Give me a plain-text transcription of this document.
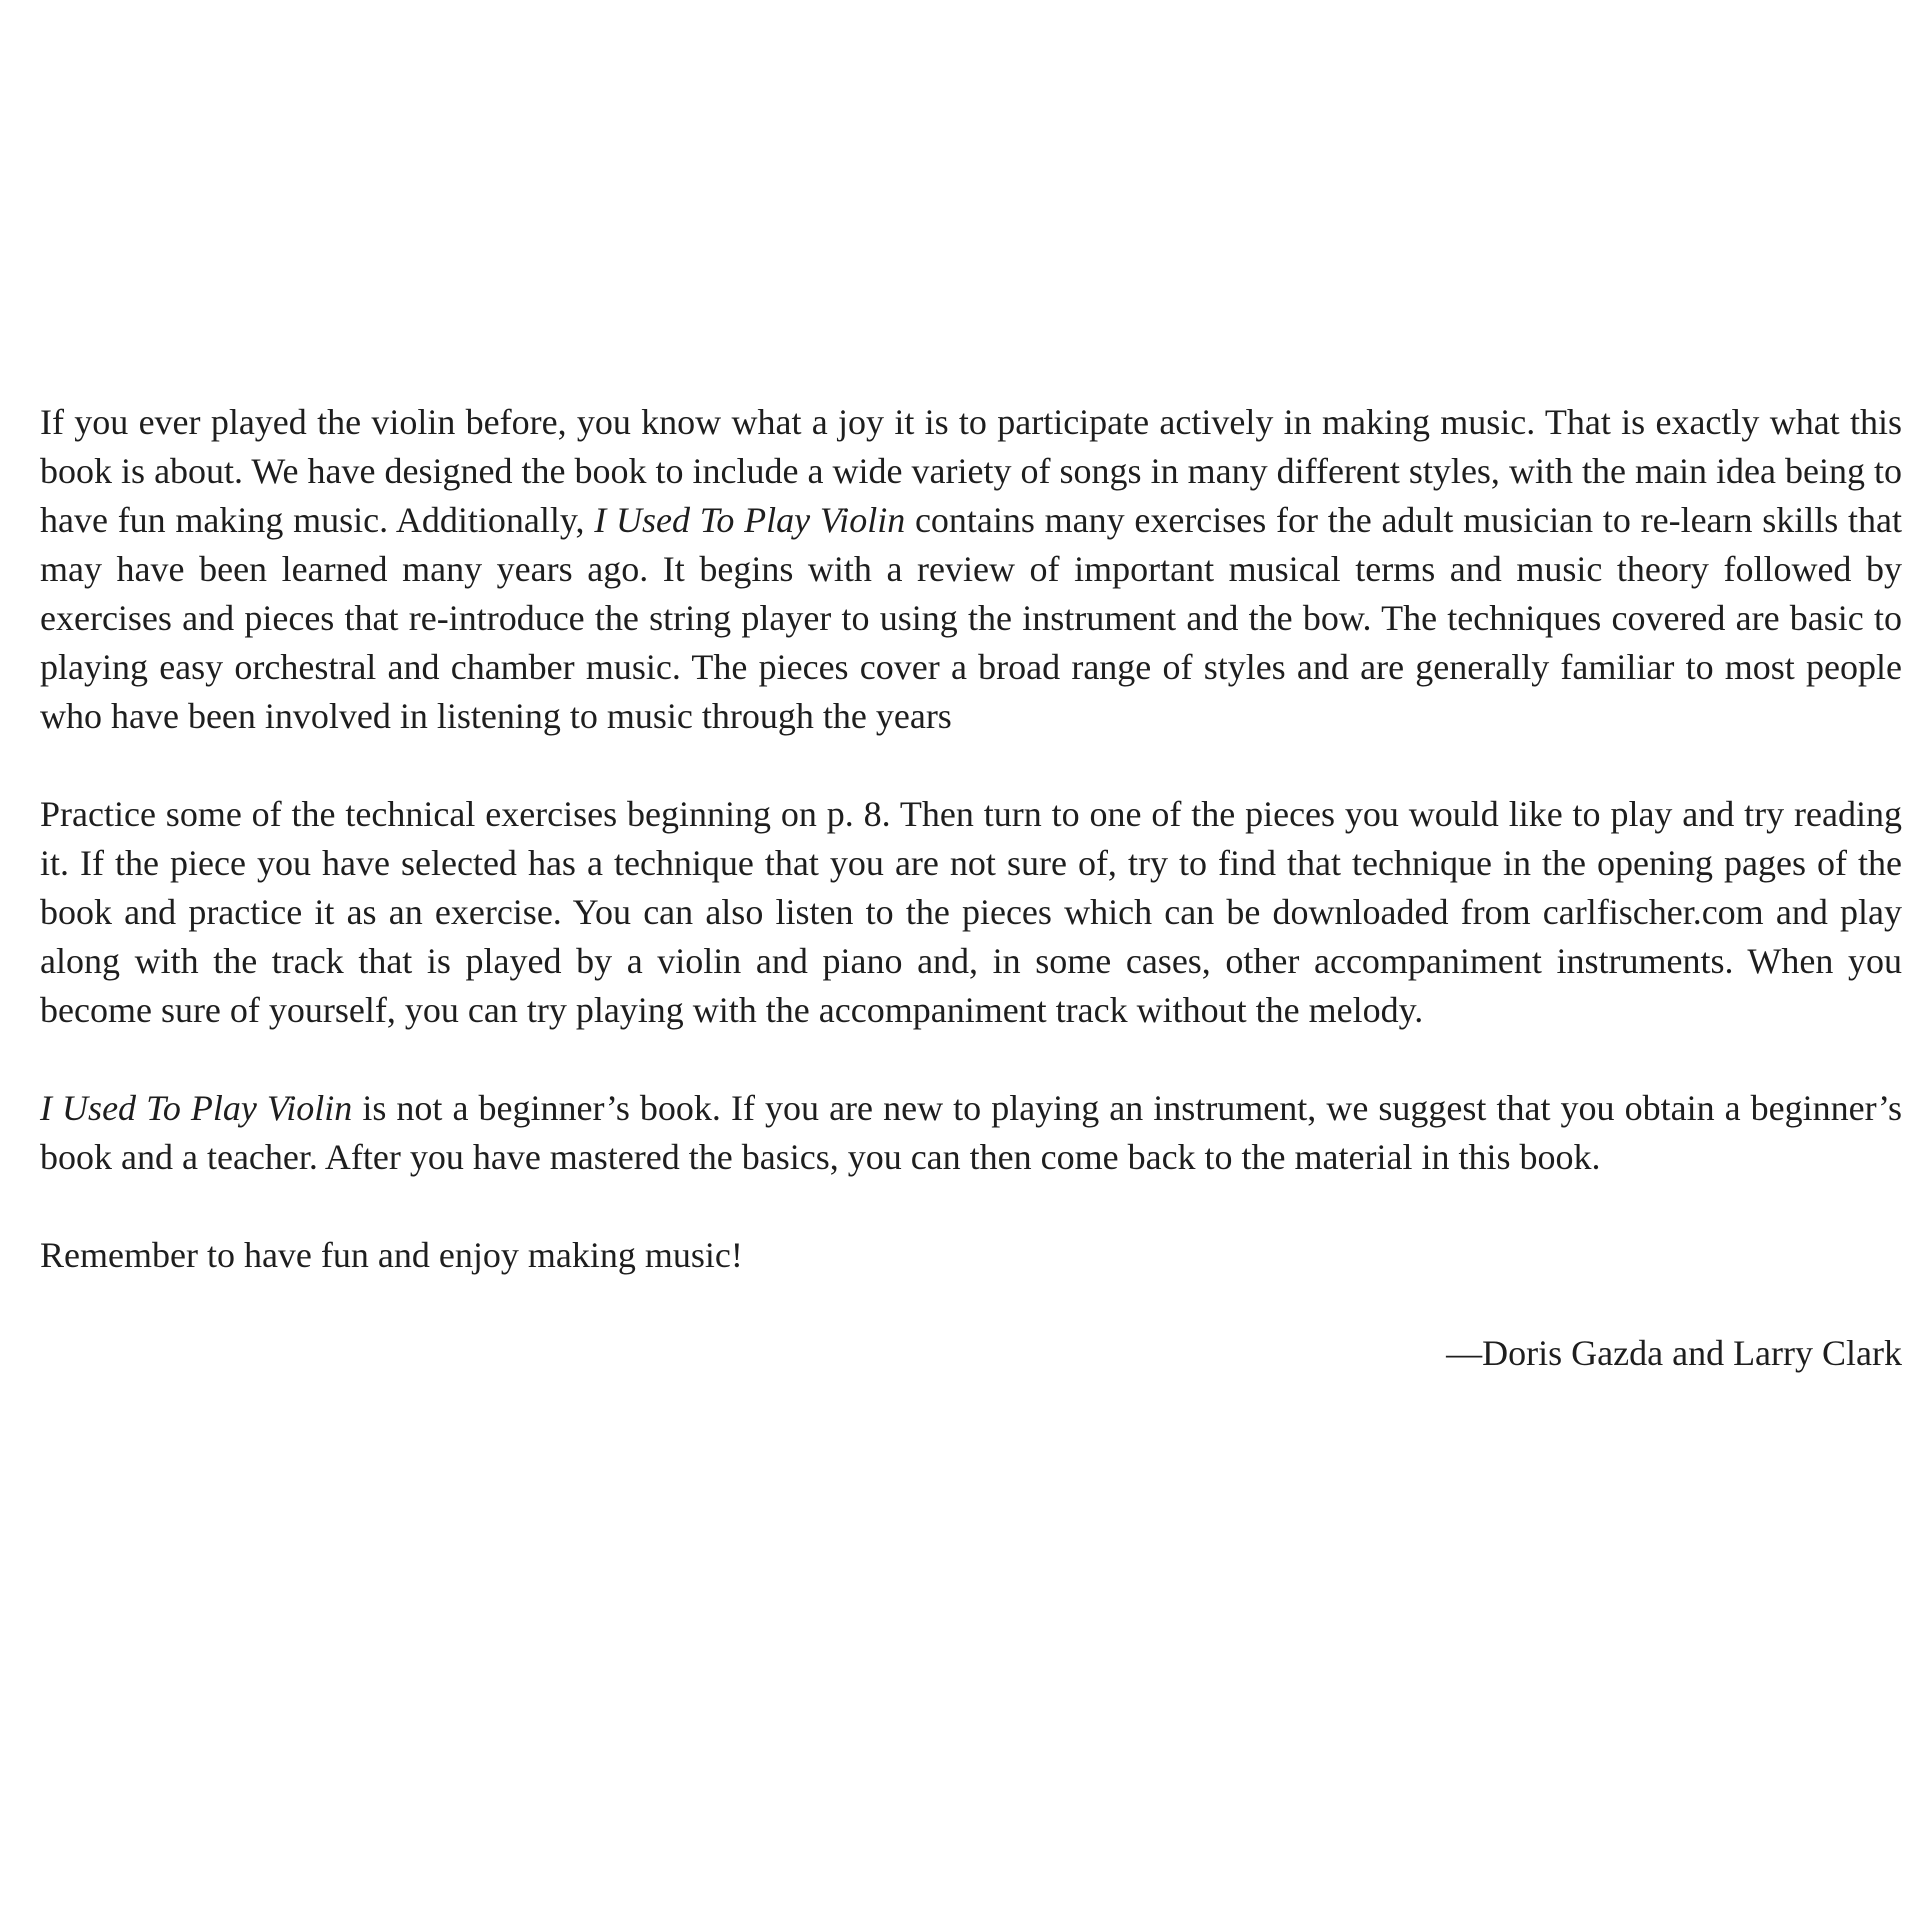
If you ever played the violin before, you know what a joy it is to participate actively in making music. That is exactly what this book is about. We have designed the book to include a wide variety of songs in many different styles, with the main idea being to have fun making music. Additionally, I Used To Play Violin contains many exercises for the adult musician to re-learn skills that may have been learned many years ago. It begins with a review of important musical terms and music theory followed by exercises and pieces that re-introduce the string player to using the instrument and the bow. The techniques covered are basic to playing easy orchestral and chamber music. The pieces cover a broad range of styles and are generally familiar to most people who have been involved in listening to music through the years

Practice some of the technical exercises beginning on p. 8. Then turn to one of the pieces you would like to play and try reading it. If the piece you have selected has a technique that you are not sure of, try to find that technique in the opening pages of the book and practice it as an exercise. You can also listen to the pieces which can be downloaded from carlfischer.com and play along with the track that is played by a violin and piano and, in some cases, other accompaniment instruments. When you become sure of yourself, you can try playing with the accompaniment track without the melody.

I Used To Play Violin is not a beginner’s book. If you are new to playing an instrument, we suggest that you obtain a beginner’s book and a teacher. After you have mastered the basics, you can then come back to the material in this book.

Remember to have fun and enjoy making music!

—Doris Gazda and Larry Clark
